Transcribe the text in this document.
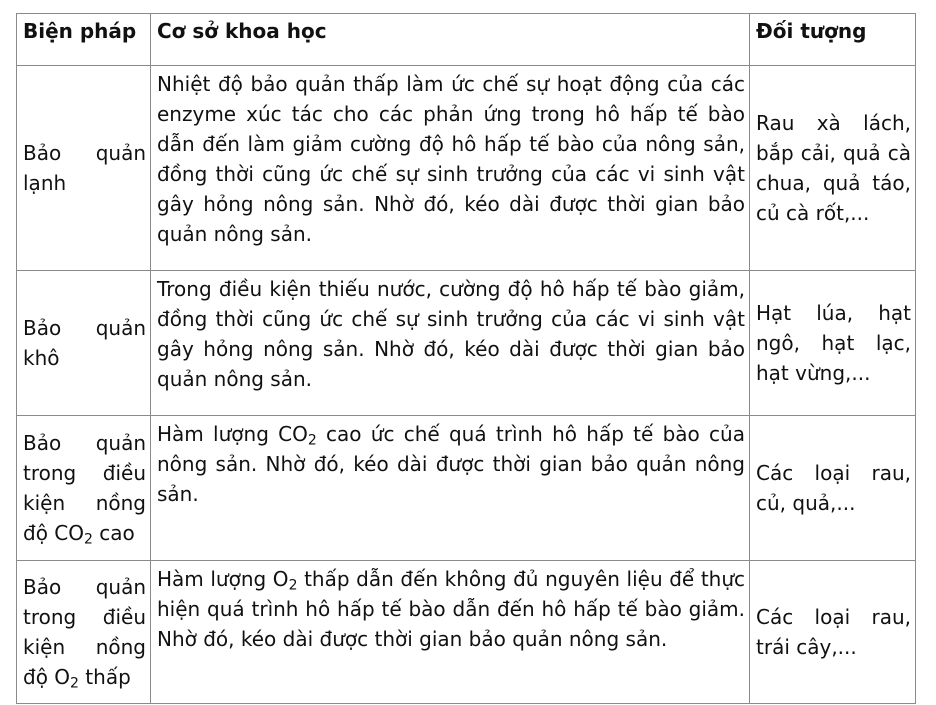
Biện pháp	Cơ sở khoa học	Đối tượng
Bảo quản lạnh	Nhiệt độ bảo quản thấp làm ức chế sự hoạt động của các enzyme xúc tác cho các phản ứng trong hô hấp tế bào dẫn đến làm giảm cường độ hô hấp tế bào của nông sản, đồng thời cũng ức chế sự sinh trưởng của các vi sinh vật gây hỏng nông sản. Nhờ đó, kéo dài được thời gian bảo quản nông sản.	Rau xà lách, bắp cải, quả cà chua, quả táo, củ cà rốt,...
Bảo quản khô	Trong điều kiện thiếu nước, cường độ hô hấp tế bào giảm, đồng thời cũng ức chế sự sinh trưởng của các vi sinh vật gây hỏng nông sản. Nhờ đó, kéo dài được thời gian bảo quản nông sản.	Hạt lúa, hạt ngô, hạt lạc, hạt vừng,...
Bảo quản trong điều kiện nồng độ $CO_2$ cao	Hàm lượng $CO_2$ cao ức chế quá trình hô hấp tế bào của nông sản. Nhờ đó, kéo dài được thời gian bảo quản nông sản.	Các loại rau, củ, quả,...
Bảo quản trong điều kiện nồng độ $O_2$ thấp	Hàm lượng $O_2$ thấp dẫn đến không đủ nguyên liệu để thực hiện quá trình hô hấp tế bào dẫn đến hô hấp tế bào giảm. Nhờ đó, kéo dài được thời gian bảo quản nông sản.	Các loại rau, trái cây,...
